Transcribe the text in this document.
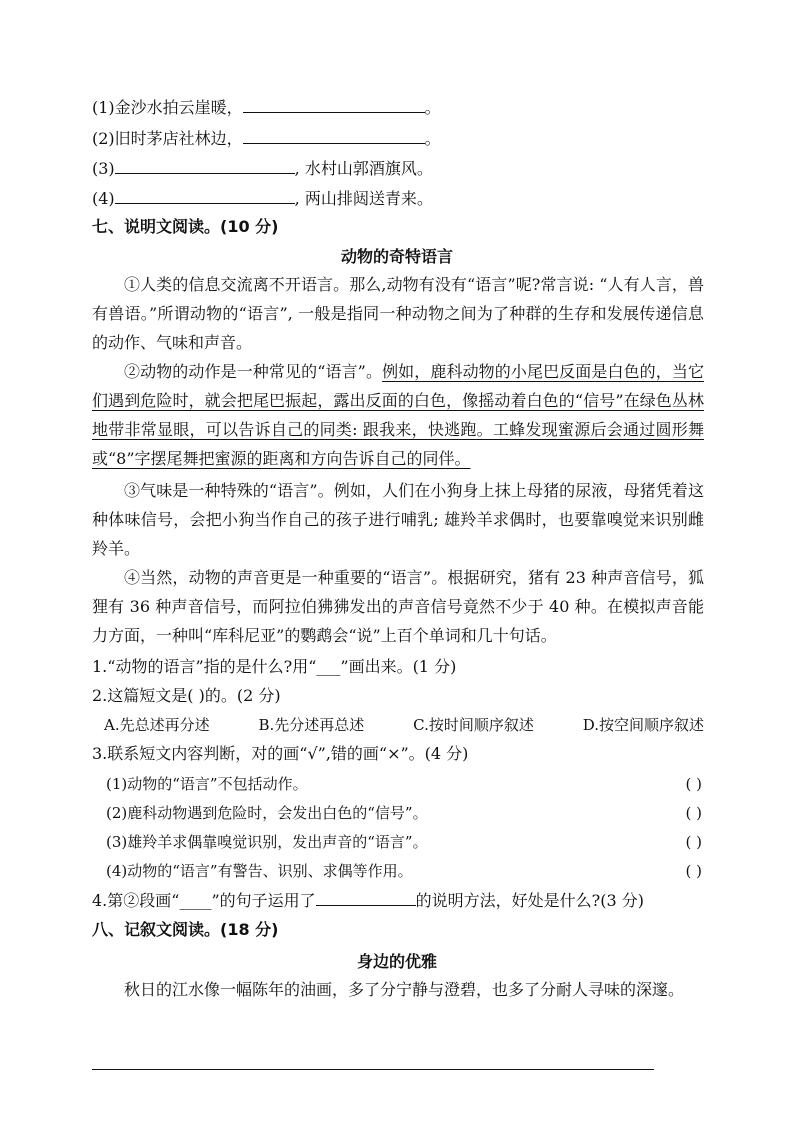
(1)金沙水拍云崖暖，	。
(2)旧时茅店社林边，	。
(3)	, 水村山郭酒旗风。
(4)	, 两山排闼送青来。
七、说明文阅读。(10 分)
动物的奇特语言
①人类的信息交流离不开语言。那么,动物有没有“语言”呢?常言说: “人有人言，兽有兽语。”所谓动物的“语言”, 一般是指同一种动物之间为了种群的生存和发展传递信息的动作、气味和声音。
②动物的动作是一种常见的“语言”。例如，鹿科动物的小尾巴反面是白色的，当它们遇到危险时，就会把尾巴振起，露出反面的白色，像摇动着白色的“信号”在绿色丛林地带非常显眼，可以告诉自己的同类: 跟我来，快逃跑。工蜂发现蜜源后会通过圆形舞或“8”字摆尾舞把蜜源的距离和方向告诉自己的同伴。
③气味是一种特殊的“语言”。例如，人们在小狗身上抹上母猪的尿液，母猪凭着这种体味信号，会把小狗当作自己的孩子进行哺乳; 雄羚羊求偶时，也要靠嗅觉来识别雌羚羊。
④当然，动物的声音更是一种重要的“语言”。根据研究，猪有 23 种声音信号，狐狸有 36 种声音信号，而阿拉伯狒狒发出的声音信号竟然不少于 40 种。在模拟声音能力方面，一种叫“库科尼亚”的鹦鹉会“说”上百个单词和几十句话。
1.“动物的语言”指的是什么?用“___”画出来。(1 分)
2.这篇短文是( )的。(2 分)
A.先总述再分述	B.先分述再总述	C.按时间顺序叙述	D.按空间顺序叙述
3.联系短文内容判断，对的画“√”,错的画“×”。(4 分)
(1)动物的“语言”不包括动作。	( )
(2)鹿科动物遇到危险时，会发出白色的“信号”。	( )
(3)雄羚羊求偶靠嗅觉识别，发出声音的“语言”。	( )
(4)动物的“语言”有警告、识别、求偶等作用。	( )
4.第②段画“____”的句子运用了	的说明方法，好处是什么?(3 分)
八、记叙文阅读。(18 分)
身边的优雅
秋日的江水像一幅陈年的油画，多了分宁静与澄碧，也多了分耐人寻味的深邃。
